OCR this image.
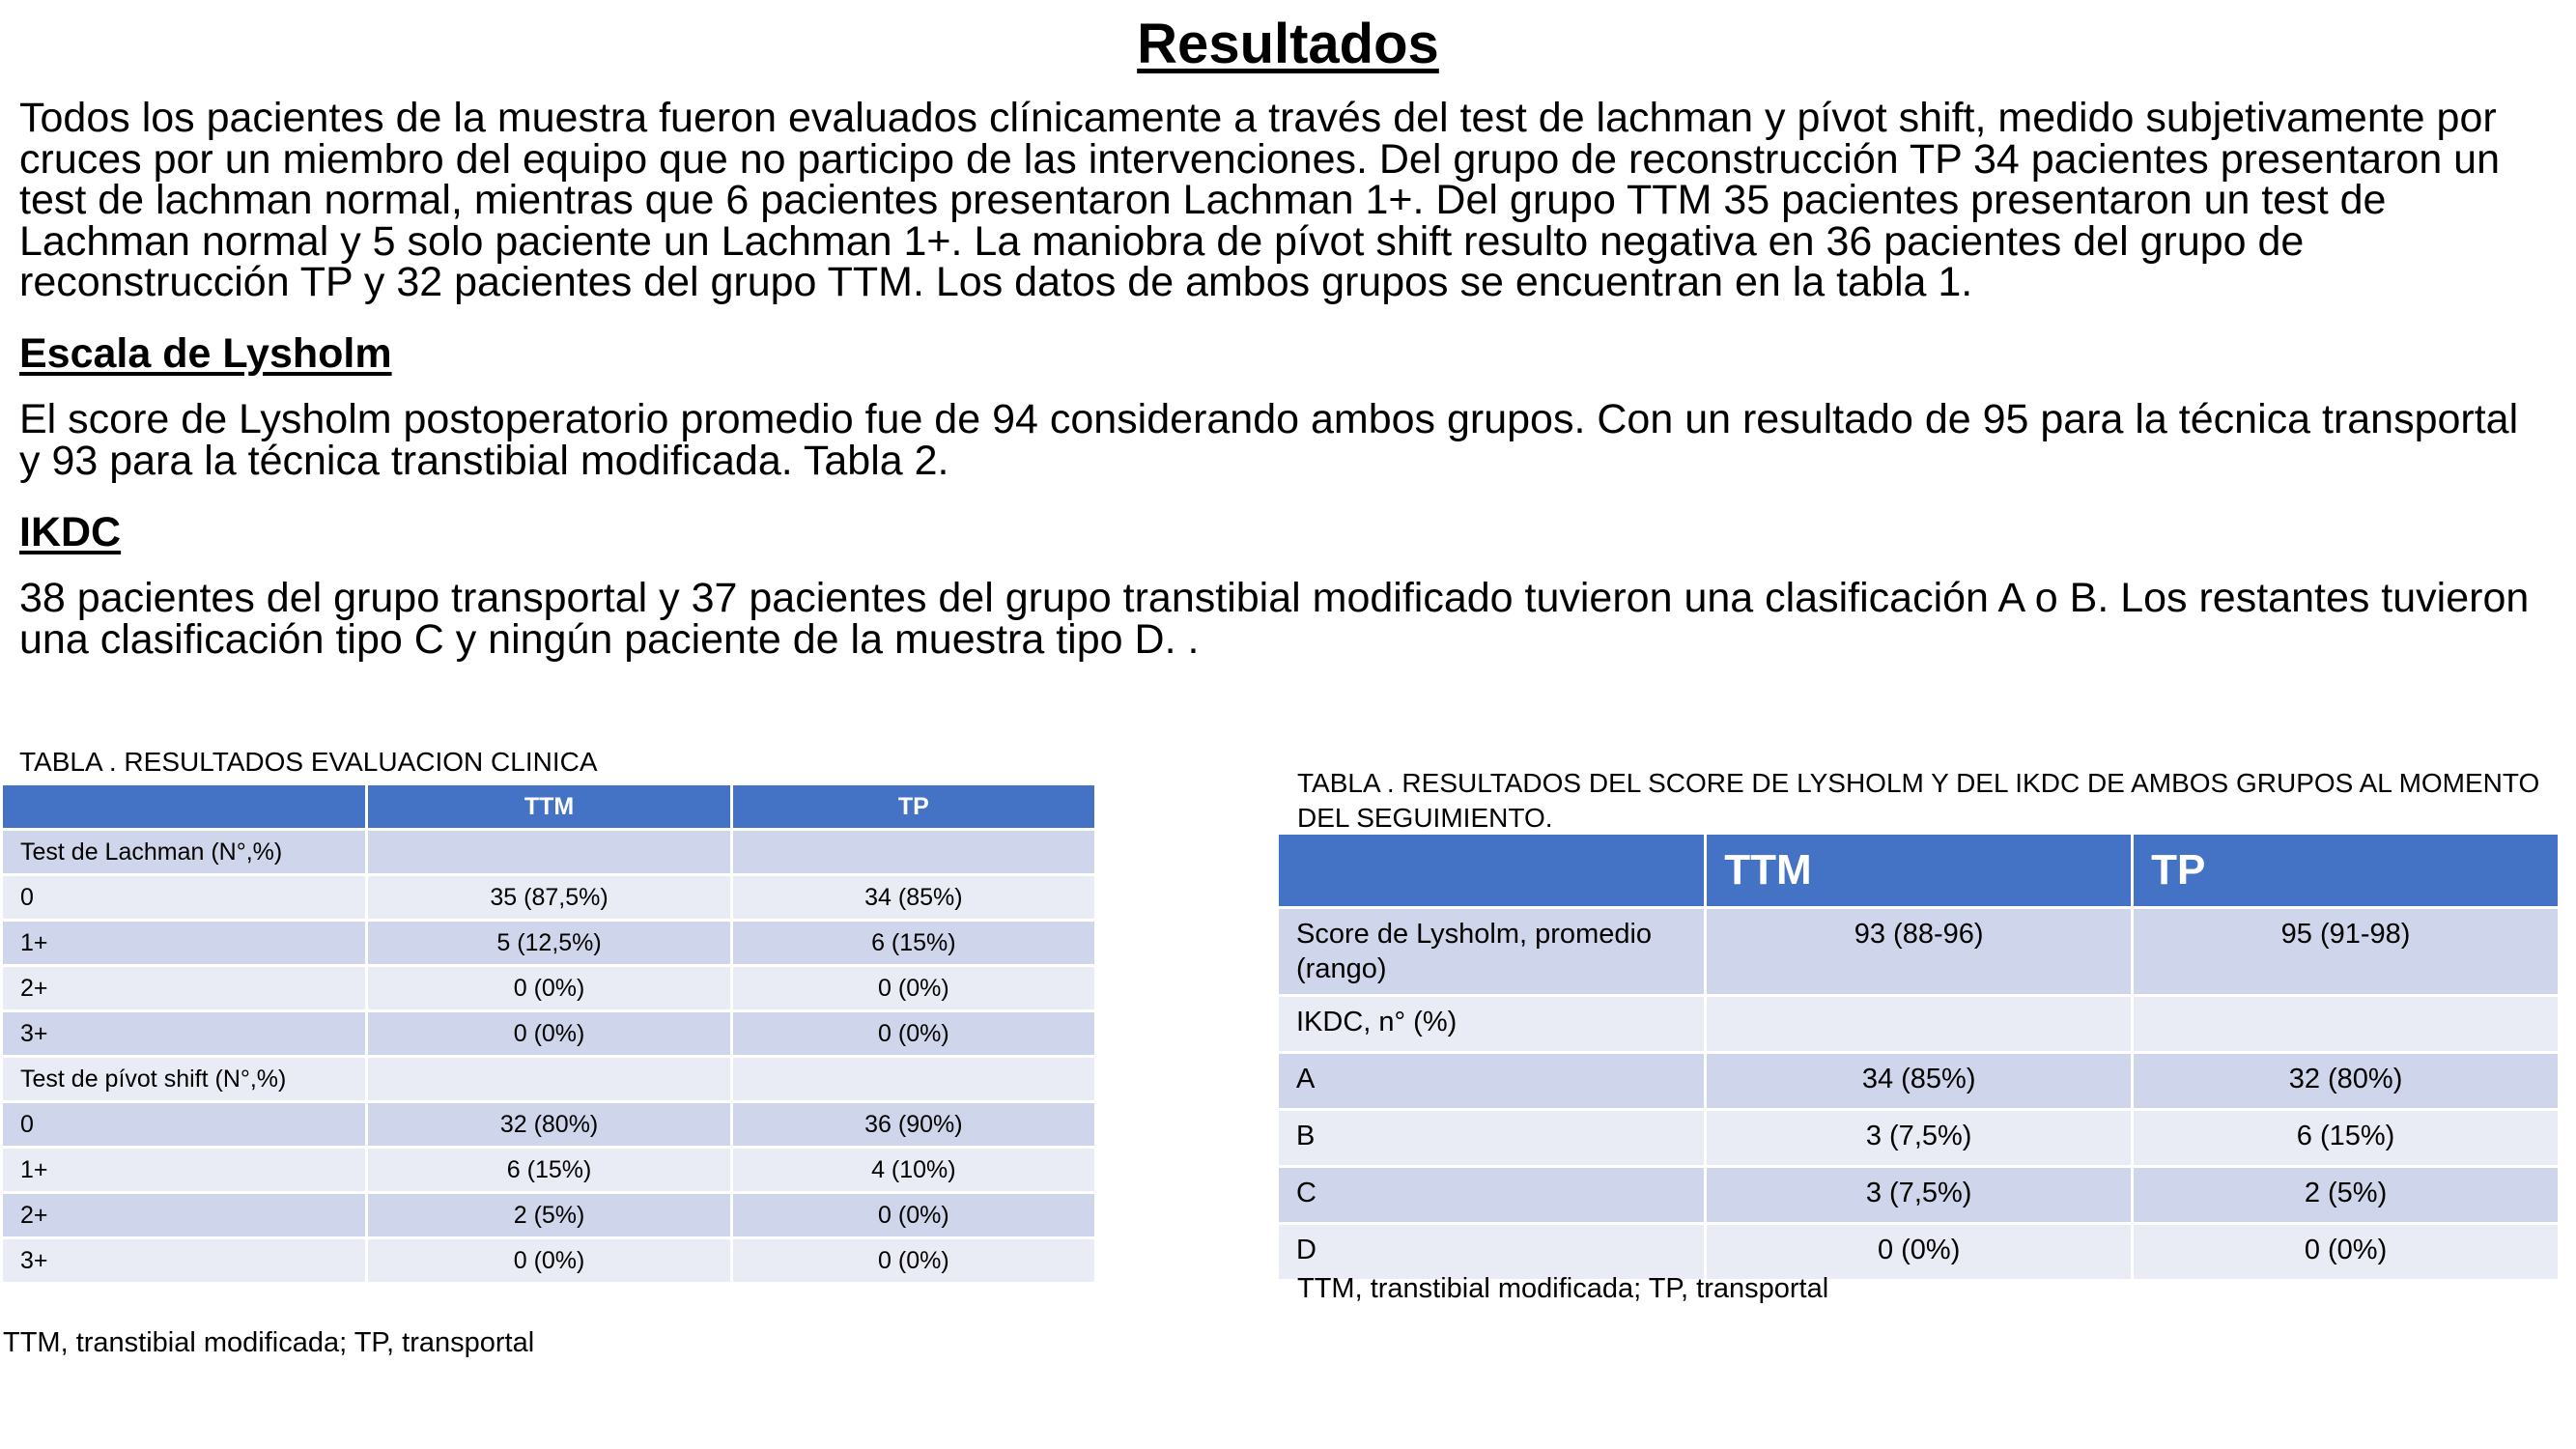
Resultados

Todos los pacientes de la muestra fueron evaluados clínicamente a través del test de lachman y pívot shift, medido subjetivamente por cruces por un miembro del equipo que no participo de las intervenciones. Del grupo de reconstrucción TP 34 pacientes presentaron un test de lachman normal, mientras que 6 pacientes presentaron Lachman 1+. Del grupo TTM 35 pacientes presentaron un test de Lachman normal y 5 solo paciente un Lachman 1+. La maniobra de pívot shift resulto negativa en 36 pacientes del grupo de reconstrucción TP y 32 pacientes del grupo TTM. Los datos de ambos grupos se encuentran en la tabla 1.

Escala de Lysholm

El score de Lysholm postoperatorio promedio fue de 94 considerando ambos grupos. Con un resultado de 95 para la técnica transportal y 93 para la técnica transtibial modificada. Tabla 2.

IKDC

38 pacientes del grupo transportal y 37 pacientes del grupo transtibial modificado tuvieron una clasificación A o B. Los restantes tuvieron una clasificación tipo C y ningún paciente de la muestra tipo D. .

TABLA . RESULTADOS EVALUACION CLINICA

	TTM	TP
Test de Lachman (N°,%)		
0	35 (87,5%)	34 (85%)
1+	5 (12,5%)	6 (15%)
2+	0 (0%)	0 (0%)
3+	0 (0%)	0 (0%)
Test de pívot shift (N°,%)		
0	32 (80%)	36 (90%)
1+	6 (15%)	4 (10%)
2+	2 (5%)	0 (0%)
3+	0 (0%)	0 (0%)

TTM, transtibial modificada; TP, transportal

TABLA . RESULTADOS DEL SCORE DE LYSHOLM Y DEL IKDC DE AMBOS GRUPOS AL MOMENTO DEL SEGUIMIENTO.

	TTM	TP
Score de Lysholm, promedio (rango)	93 (88-96)	95 (91-98)
IKDC, n° (%)		
A	34 (85%)	32 (80%)
B	3 (7,5%)	6 (15%)
C	3 (7,5%)	2 (5%)
D	0 (0%)	0 (0%)

TTM, transtibial modificada; TP, transportal
